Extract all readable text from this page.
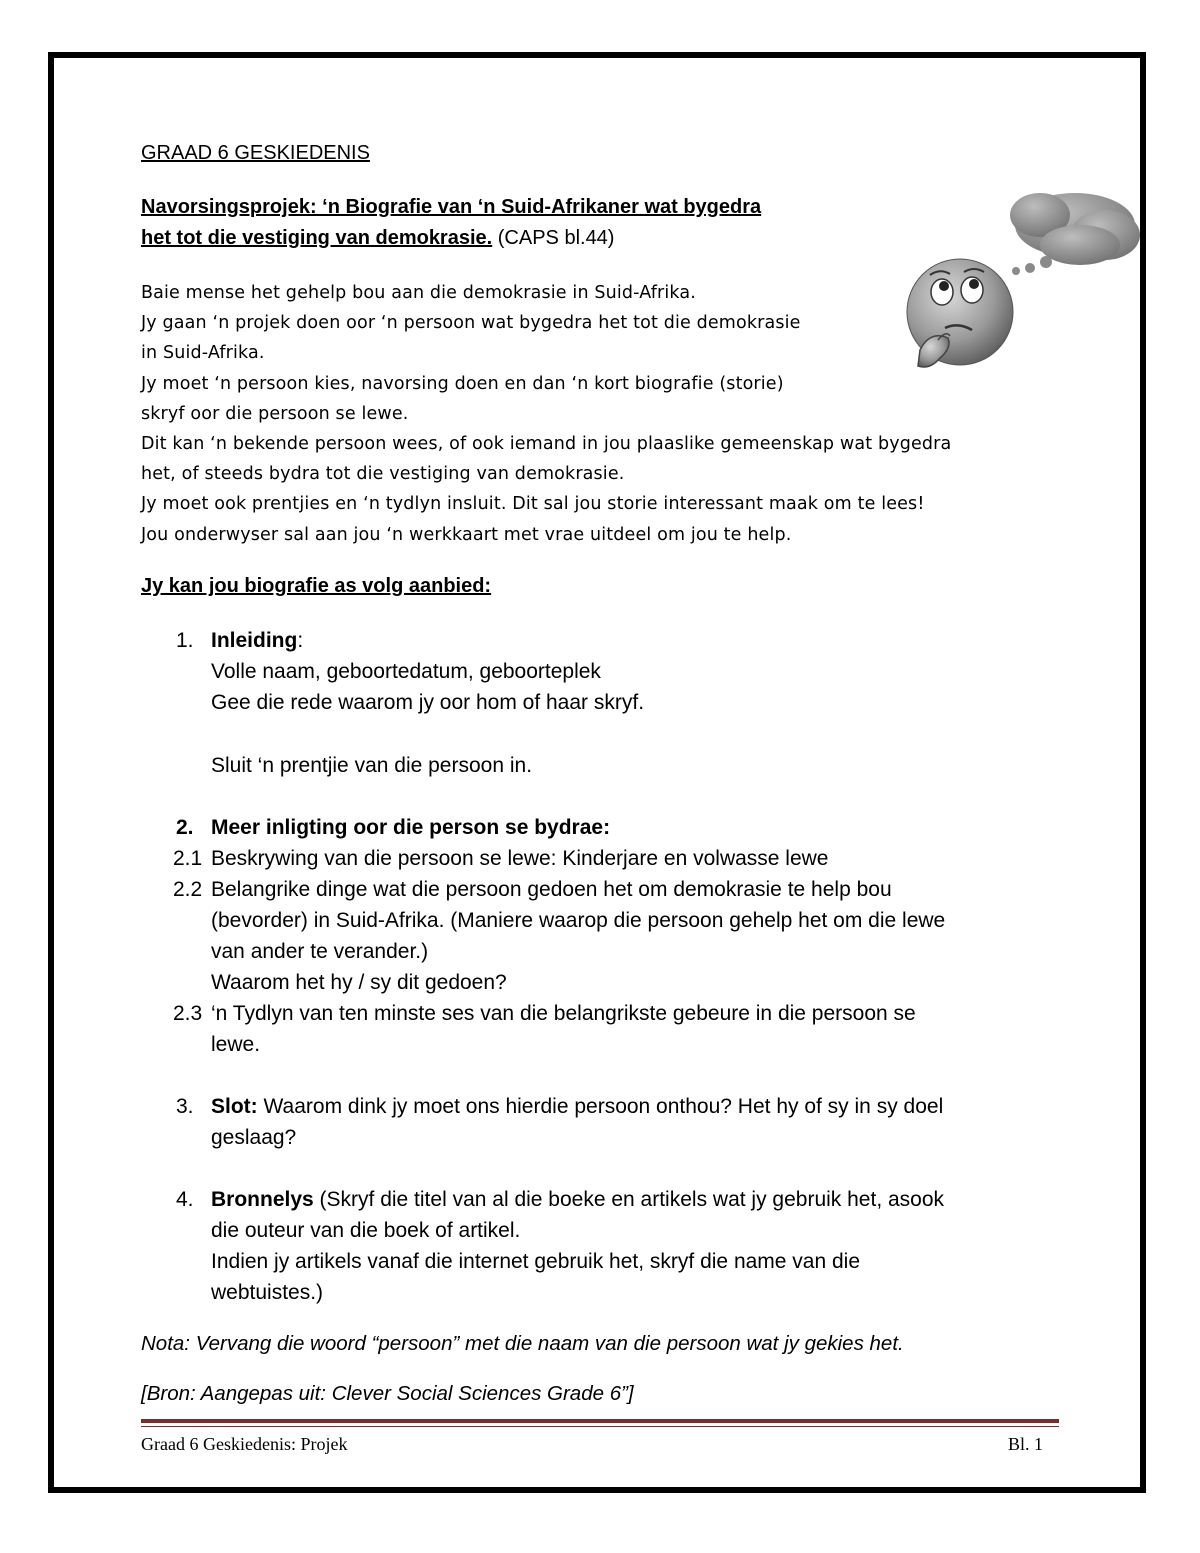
GRAAD 6 GESKIEDENIS
Navorsingsprojek: ‘n Biografie van ‘n Suid-Afrikaner wat bygedra
het tot die vestiging van demokrasie. (CAPS bl.44)
Baie mense het gehelp bou aan die demokrasie in Suid-Afrika.
Jy gaan ‘n projek doen oor ‘n persoon wat bygedra het tot die demokrasie
in Suid-Afrika.
Jy moet ‘n persoon kies, navorsing doen en dan ‘n kort biografie (storie)
skryf oor die persoon se lewe.
Dit kan ‘n bekende persoon wees, of ook iemand in jou plaaslike gemeenskap wat bygedra
het, of steeds bydra tot die vestiging van demokrasie.
Jy moet ook prentjies en ‘n tydlyn insluit. Dit sal jou storie interessant maak om te lees!
Jou onderwyser sal aan jou ‘n werkkaart met vrae uitdeel om jou te help.
Jy kan jou biografie as volg aanbied:
1. Inleiding:
Volle naam, geboortedatum, geboorteplek
Gee die rede waarom jy oor hom of haar skryf.
Sluit ‘n prentjie van die persoon in.
2. Meer inligting oor die person se bydrae:
2.1 Beskrywing van die persoon se lewe: Kinderjare en volwasse lewe
2.2 Belangrike dinge wat die persoon gedoen het om demokrasie te help bou
(bevorder) in Suid-Afrika. (Maniere waarop die persoon gehelp het om die lewe
van ander te verander.)
Waarom het hy / sy dit gedoen?
2.3 ‘n Tydlyn van ten minste ses van die belangrikste gebeure in die persoon se
lewe.
3. Slot: Waarom dink jy moet ons hierdie persoon onthou? Het hy of sy in sy doel
geslaag?
4. Bronnelys (Skryf die titel van al die boeke en artikels wat jy gebruik het, asook
die outeur van die boek of artikel.
Indien jy artikels vanaf die internet gebruik het, skryf die name van die
webtuistes.)
Nota: Vervang die woord “persoon” met die naam van die persoon wat jy gekies het.
[Bron: Aangepas uit: Clever Social Sciences Grade 6”]
Graad 6 Geskiedenis: Projek	Bl. 1
